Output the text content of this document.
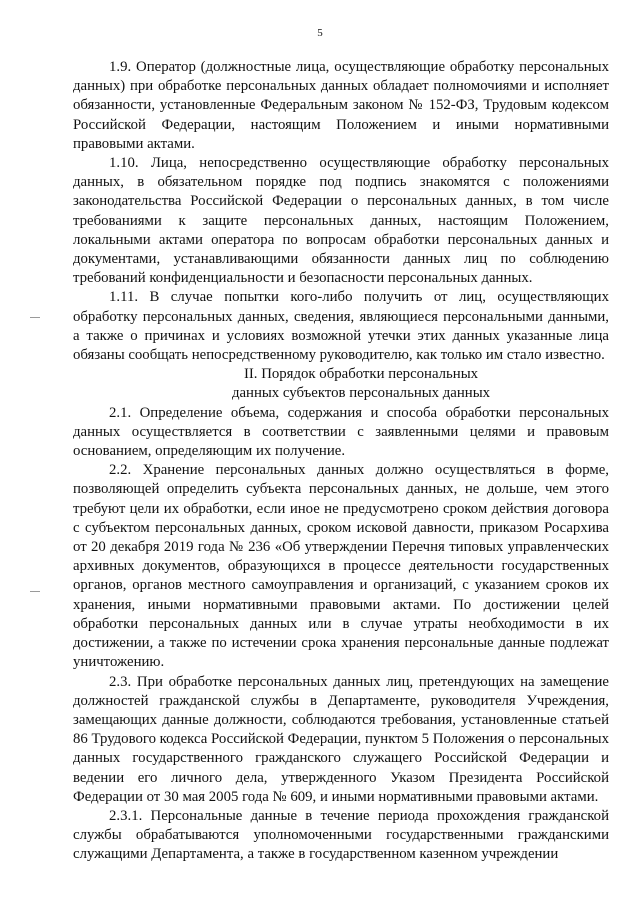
5

1.9. Оператор (должностные лица, осуществляющие обработку персональных данных) при обработке персональных данных обладает полномочиями и исполняет обязанности, установленные Федеральным законом № 152-ФЗ, Трудовым кодексом Российской Федерации, настоящим Положением и иными нормативными правовыми актами.

1.10. Лица, непосредственно осуществляющие обработку персональных данных, в обязательном порядке под подпись знакомятся с положениями законодательства Российской Федерации о персональных данных, в том числе требованиями к защите персональных данных, настоящим Положением, локальными актами оператора по вопросам обработки персональных данных и документами, устанавливающими обязанности данных лиц по соблюдению требований конфиденциальности и безопасности персональных данных.

1.11. В случае попытки кого-либо получить от лиц, осуществляющих обработку персональных данных, сведения, являющиеся персональными данными, а также о причинах и условиях возможной утечки этих данных указанные лица обязаны сообщать непосредственному руководителю, как только им стало известно.

II. Порядок обработки персональных
данных субъектов персональных данных

2.1. Определение объема, содержания и способа обработки персональных данных осуществляется в соответствии с заявленными целями и правовым основанием, определяющим их получение.

2.2. Хранение персональных данных должно осуществляться в форме, позволяющей определить субъекта персональных данных, не дольше, чем этого требуют цели их обработки, если иное не предусмотрено сроком действия договора с субъектом персональных данных, сроком исковой давности, приказом Росархива от 20 декабря 2019 года № 236 «Об утверждении Перечня типовых управленческих архивных документов, образующихся в процессе деятельности государственных органов, органов местного самоуправления и организаций, с указанием сроков их хранения, иными нормативными правовыми актами. По достижении целей обработки персональных данных или в случае утраты необходимости в их достижении, а также по истечении срока хранения персональные данные подлежат уничтожению.

2.3. При обработке персональных данных лиц, претендующих на замещение должностей гражданской службы в Департаменте, руководителя Учреждения, замещающих данные должности, соблюдаются требования, установленные статьей 86 Трудового кодекса Российской Федерации, пунктом 5 Положения о персональных данных государственного гражданского служащего Российской Федерации и ведении его личного дела, утвержденного Указом Президента Российской Федерации от 30 мая 2005 года № 609, и иными нормативными правовыми актами.

2.3.1. Персональные данные в течение периода прохождения гражданской службы обрабатываются уполномоченными государственными гражданскими служащими Департамента, а также в государственном казенном учреждении
